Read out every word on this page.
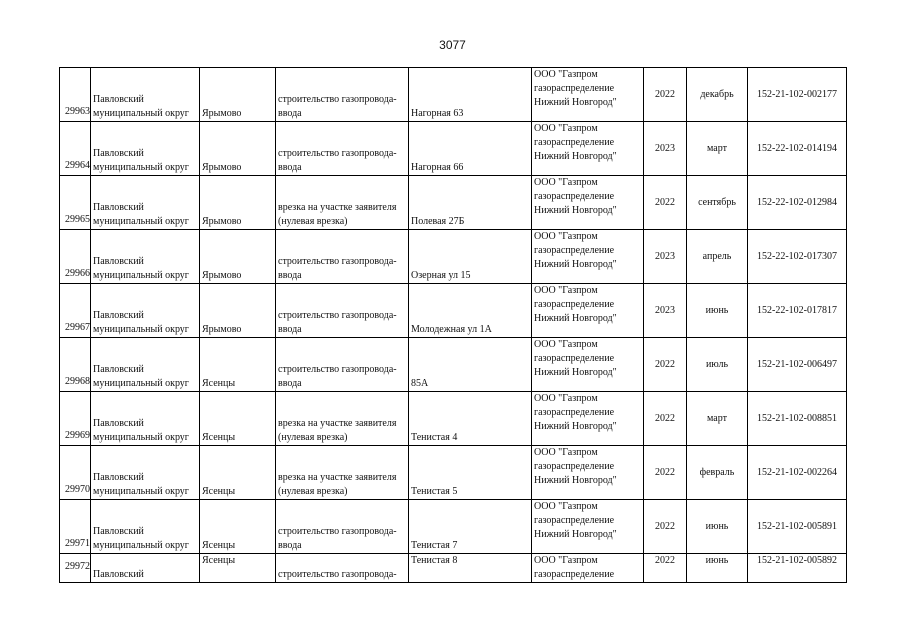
3077
29963	Павловский
муниципальный округ	Ярымово	строительство газопровода-
ввода	Нагорная 63	ООО "Газпром
газораспределение
Нижний Новгород"	2022	декабрь	152-21-102-002177
29964	Павловский
муниципальный округ	Ярымово	строительство газопровода-
ввода	Нагорная 66	ООО "Газпром
газораспределение
Нижний Новгород"	2023	март	152-22-102-014194
29965	Павловский
муниципальный округ	Ярымово	врезка на участке заявителя
(нулевая врезка)	Полевая 27Б	ООО "Газпром
газораспределение
Нижний Новгород"	2022	сентябрь	152-22-102-012984
29966	Павловский
муниципальный округ	Ярымово	строительство газопровода-
ввода	Озерная ул 15	ООО "Газпром
газораспределение
Нижний Новгород"	2023	апрель	152-22-102-017307
29967	Павловский
муниципальный округ	Ярымово	строительство газопровода-
ввода	Молодежная ул 1А	ООО "Газпром
газораспределение
Нижний Новгород"	2023	июнь	152-22-102-017817
29968	Павловский
муниципальный округ	Ясенцы	строительство газопровода-
ввода	85А	ООО "Газпром
газораспределение
Нижний Новгород"	2022	июль	152-21-102-006497
29969	Павловский
муниципальный округ	Ясенцы	врезка на участке заявителя
(нулевая врезка)	Тенистая 4	ООО "Газпром
газораспределение
Нижний Новгород"	2022	март	152-21-102-008851
29970	Павловский
муниципальный округ	Ясенцы	врезка на участке заявителя
(нулевая врезка)	Тенистая 5	ООО "Газпром
газораспределение
Нижний Новгород"	2022	февраль	152-21-102-002264
29971	Павловский
муниципальный округ	Ясенцы	строительство газопровода-
ввода	Тенистая 7	ООО "Газпром
газораспределение
Нижний Новгород"	2022	июнь	152-21-102-005891
29972	Павловский	Ясенцы	строительство газопровода-	Тенистая 8	ООО "Газпром
газораспределение	2022	июнь	152-21-102-005892
